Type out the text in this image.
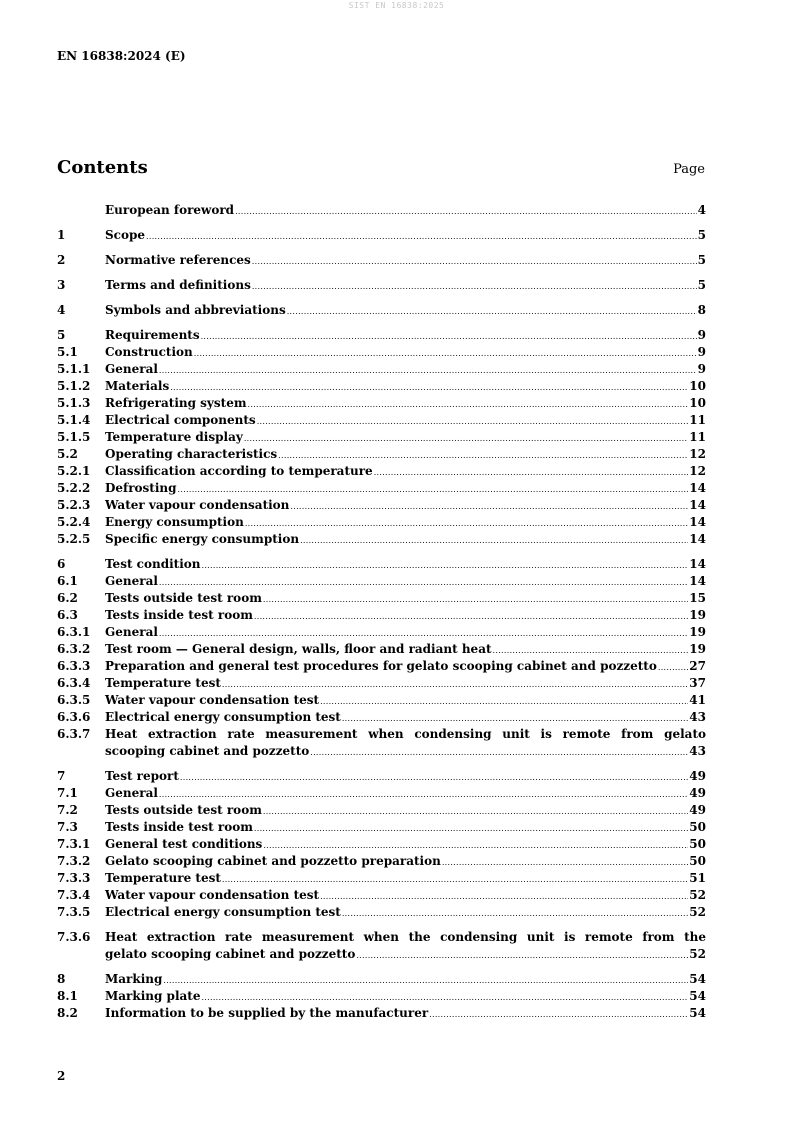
SIST EN 16838:2025
EN 16838:2024 (E)
Contents	Page
European foreword .....	4
1	Scope .....	5
2	Normative references .....	5
3	Terms and definitions .....	5
4	Symbols and abbreviations .....	8
5	Requirements .....	9
5.1	Construction .....	9
5.1.1	General .....	9
5.1.2	Materials .....	10
5.1.3	Refrigerating system .....	10
5.1.4	Electrical components .....	11
5.1.5	Temperature display .....	11
5.2	Operating characteristics .....	12
5.2.1	Classification according to temperature .....	12
5.2.2	Defrosting .....	14
5.2.3	Water vapour condensation .....	14
5.2.4	Energy consumption .....	14
5.2.5	Specific energy consumption .....	14
6	Test condition .....	14
6.1	General .....	14
6.2	Tests outside test room .....	15
6.3	Tests inside test room .....	19
6.3.1	General .....	19
6.3.2	Test room — General design, walls, floor and radiant heat .....	19
6.3.3	Preparation and general test procedures for gelato scooping cabinet and pozzetto .....	27
6.3.4	Temperature test .....	37
6.3.5	Water vapour condensation test .....	41
6.3.6	Electrical energy consumption test .....	43
6.3.7	Heat extraction rate measurement when condensing unit is remote from gelato
scooping cabinet and pozzetto .....	43
7	Test report .....	49
7.1	General .....	49
7.2	Tests outside test room .....	49
7.3	Tests inside test room .....	50
7.3.1	General test conditions .....	50
7.3.2	Gelato scooping cabinet and pozzetto preparation .....	50
7.3.3	Temperature test .....	51
7.3.4	Water vapour condensation test .....	52
7.3.5	Electrical energy consumption test .....	52
7.3.6	Heat extraction rate measurement when the condensing unit is remote from the
gelato scooping cabinet and pozzetto .....	52
8	Marking .....	54
8.1	Marking plate .....	54
8.2	Information to be supplied by the manufacturer .....	54
2
